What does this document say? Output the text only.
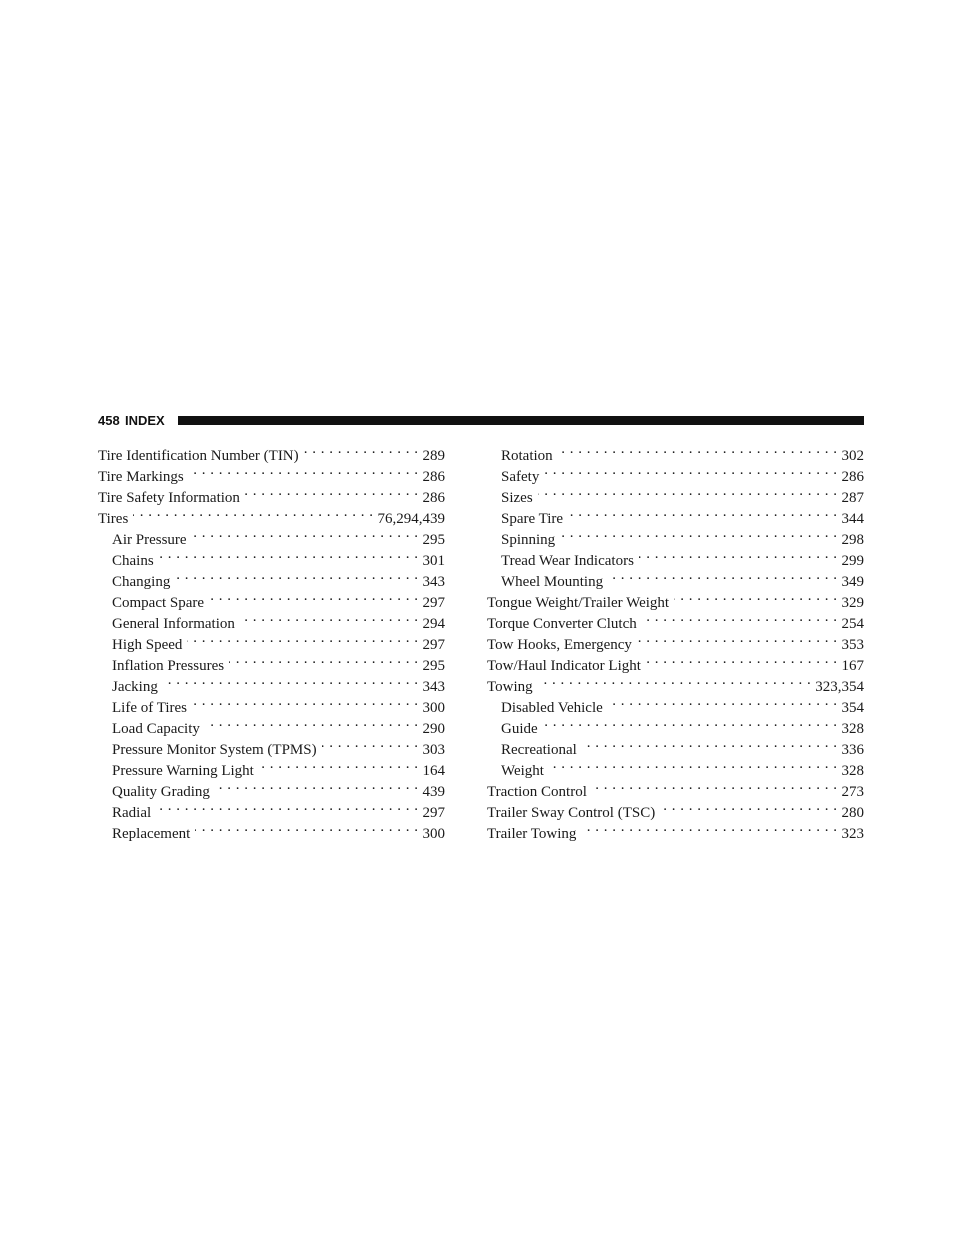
458 INDEX
Tire Identification Number (TIN) . . .	289
Tire Markings . . .	286
Tire Safety Information . . .	286
Tires . . .	76,294,439
Air Pressure . . .	295
Chains . . .	301
Changing . . .	343
Compact Spare . . .	297
General Information . . .	294
High Speed . . .	297
Inflation Pressures . . .	295
Jacking . . .	343
Life of Tires . . .	300
Load Capacity . . .	290
Pressure Monitor System (TPMS) . . .	303
Pressure Warning Light . . .	164
Quality Grading . . .	439
Radial . . .	297
Replacement . . .	300
Rotation . . .	302
Safety . . .	286
Sizes . . .	287
Spare Tire . . .	344
Spinning . . .	298
Tread Wear Indicators . . .	299
Wheel Mounting . . .	349
Tongue Weight/Trailer Weight . . .	329
Torque Converter Clutch . . .	254
Tow Hooks, Emergency . . .	353
Tow/Haul Indicator Light . . .	167
Towing . . .	323,354
Disabled Vehicle . . .	354
Guide . . .	328
Recreational . . .	336
Weight . . .	328
Traction Control . . .	273
Trailer Sway Control (TSC) . . .	280
Trailer Towing . . .	323
